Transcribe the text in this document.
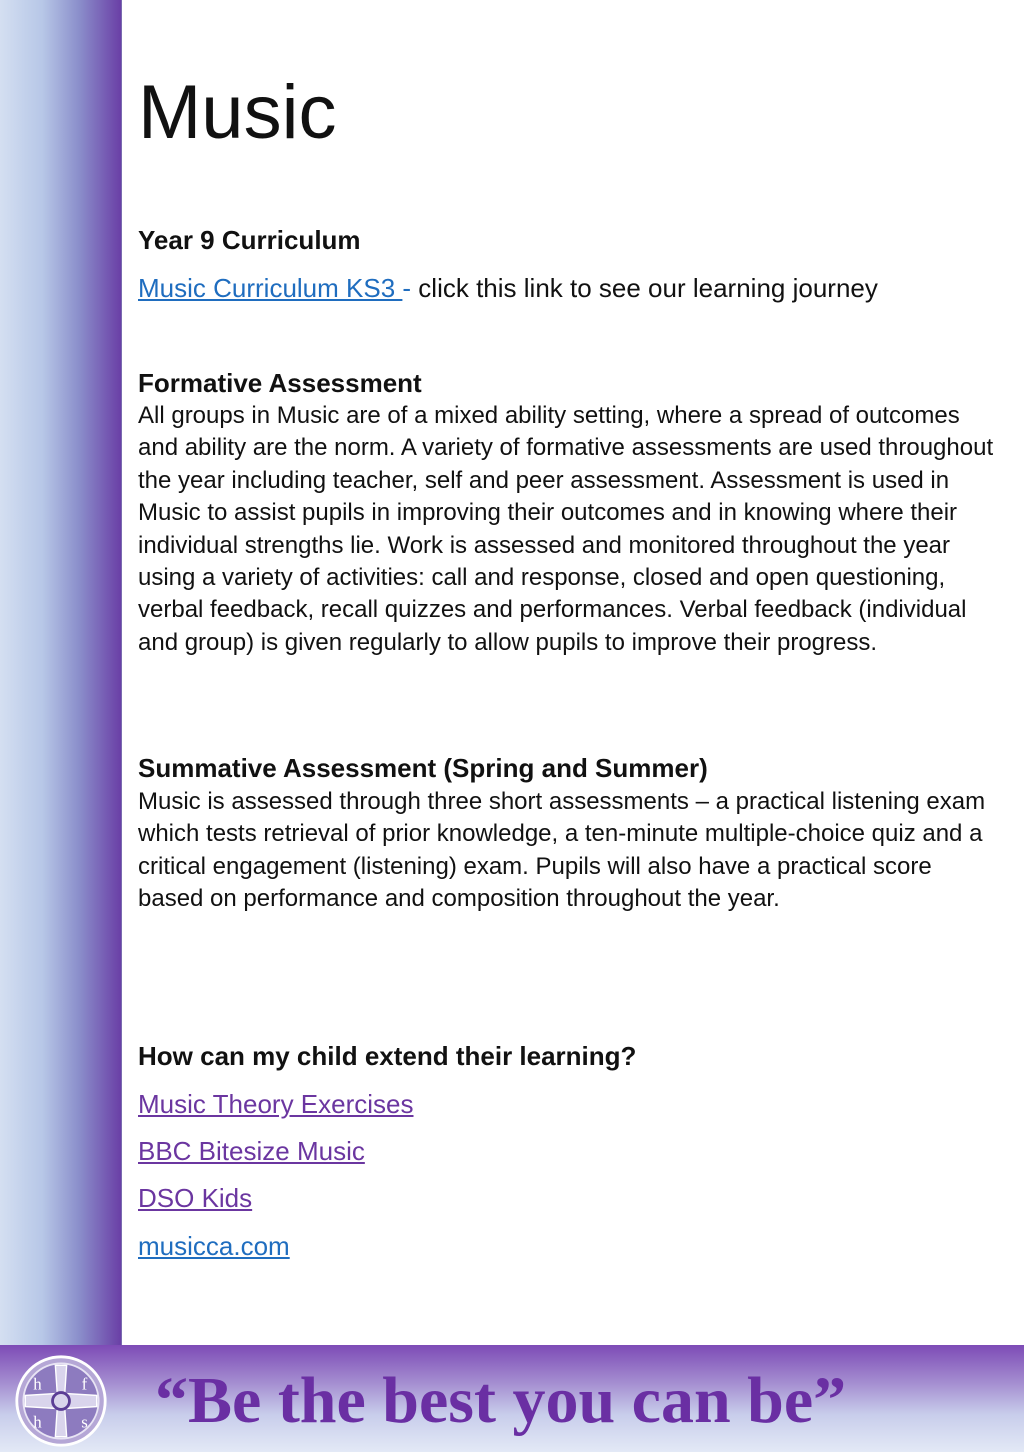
Music
Year 9 Curriculum
Music Curriculum KS3 - click this link to see our learning journey
Formative Assessment
All groups in Music are of a mixed ability setting, where a spread of outcomes and ability are the norm. A variety of formative assessments are used throughout the year including teacher, self and peer assessment. Assessment is used in Music to assist pupils in improving their outcomes and in knowing where their individual strengths lie. Work is assessed and monitored throughout the year using a variety of activities: call and response, closed and open questioning, verbal feedback, recall quizzes and performances. Verbal feedback (individual and group) is given regularly to allow pupils to improve their progress.
Summative Assessment (Spring and Summer)
Music is assessed through three short assessments – a practical listening exam which tests retrieval of prior knowledge, a ten-minute multiple-choice quiz and a critical engagement (listening) exam. Pupils will also have a practical score based on performance and composition throughout the year.
How can my child extend their learning?
Music Theory Exercises
BBC Bitesize Music
DSO Kids
musicca.com
h f
h s “Be the best you can be”
